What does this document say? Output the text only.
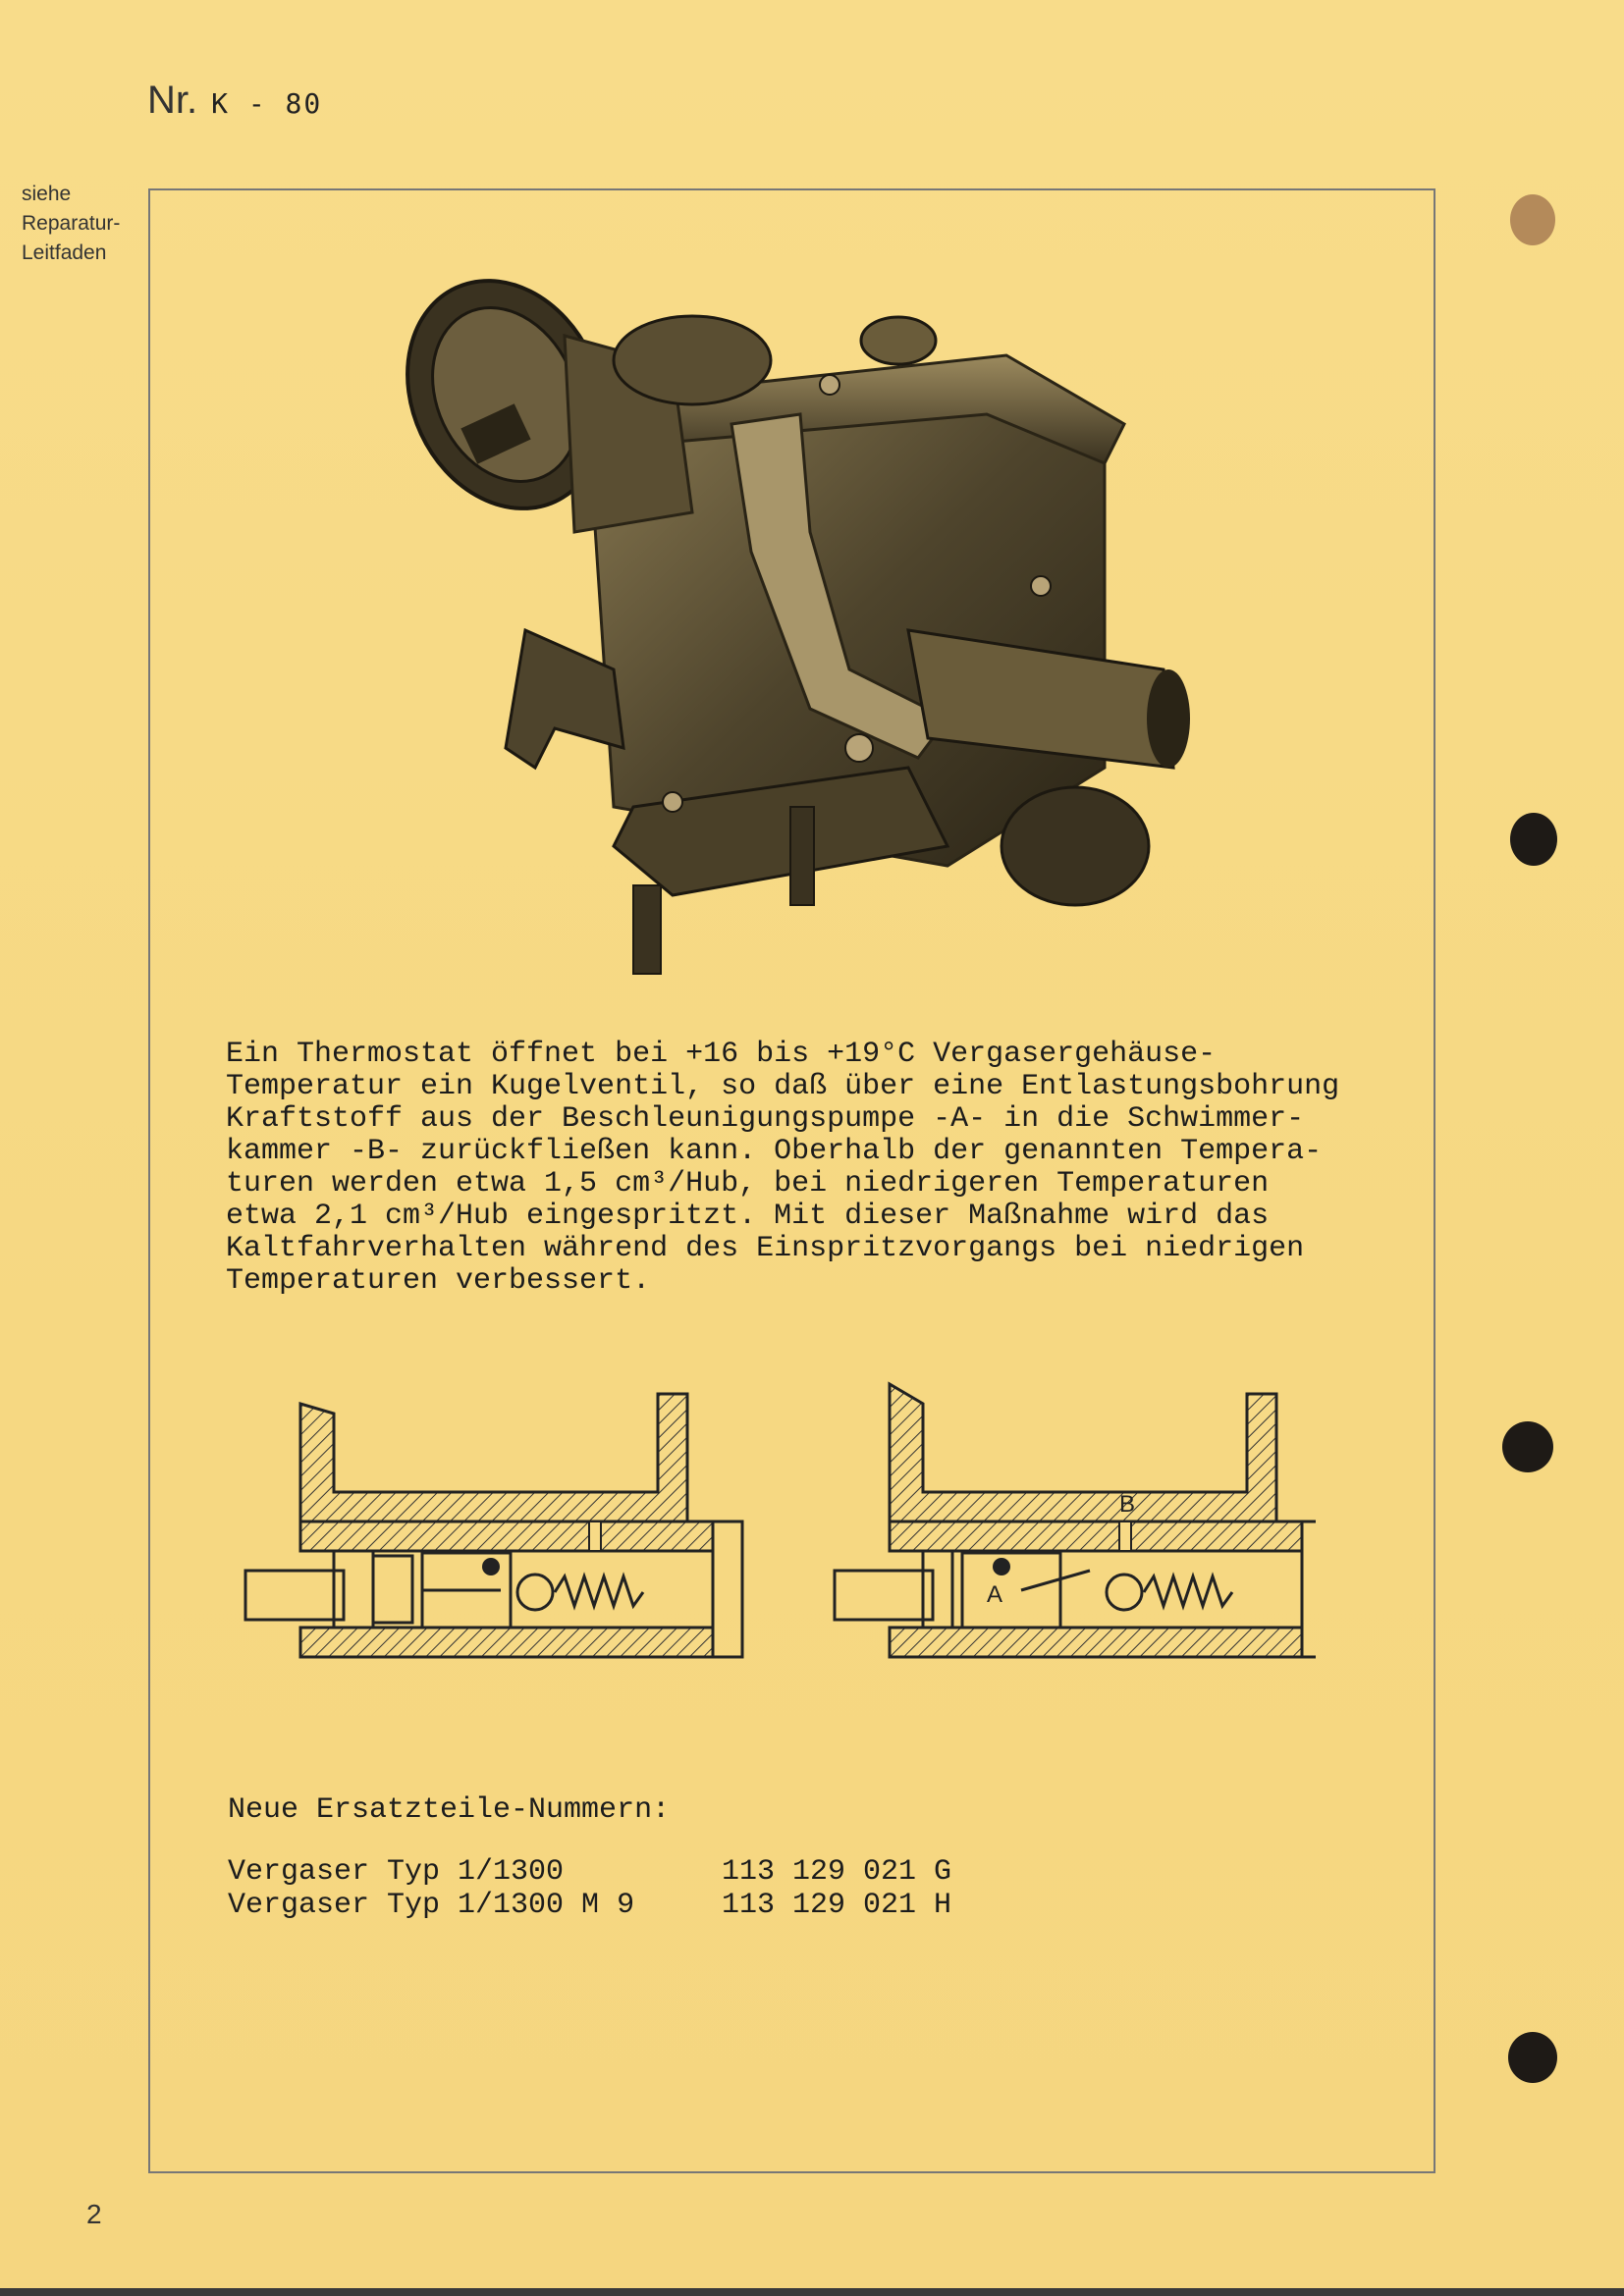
Nr. K - 80
siehe
Reparatur-
Leitfaden

Ein Thermostat öffnet bei +16 bis +19°C Vergasergehäuse-

Temperatur ein Kugelventil, so daß über eine Entlastungsbohrung

Kraftstoff aus der Beschleunigungspumpe -A- in die Schwimmer-

kammer -B- zurückfließen kann. Oberhalb der genannten Tempera-

turen werden etwa 1,5 cm³/Hub, bei niedrigeren Temperaturen

etwa 2,1 cm³/Hub eingespritzt. Mit dieser Maßnahme wird das

Kaltfahrverhalten während des Einspritzvorgangs bei niedrigen

Temperaturen verbessert.

A
B
Neue Ersatzteile-Nummern:
Vergaser Typ 1/1300	113 129 021 G
Vergaser Typ 1/1300 M 9	113 129 021 H
2
